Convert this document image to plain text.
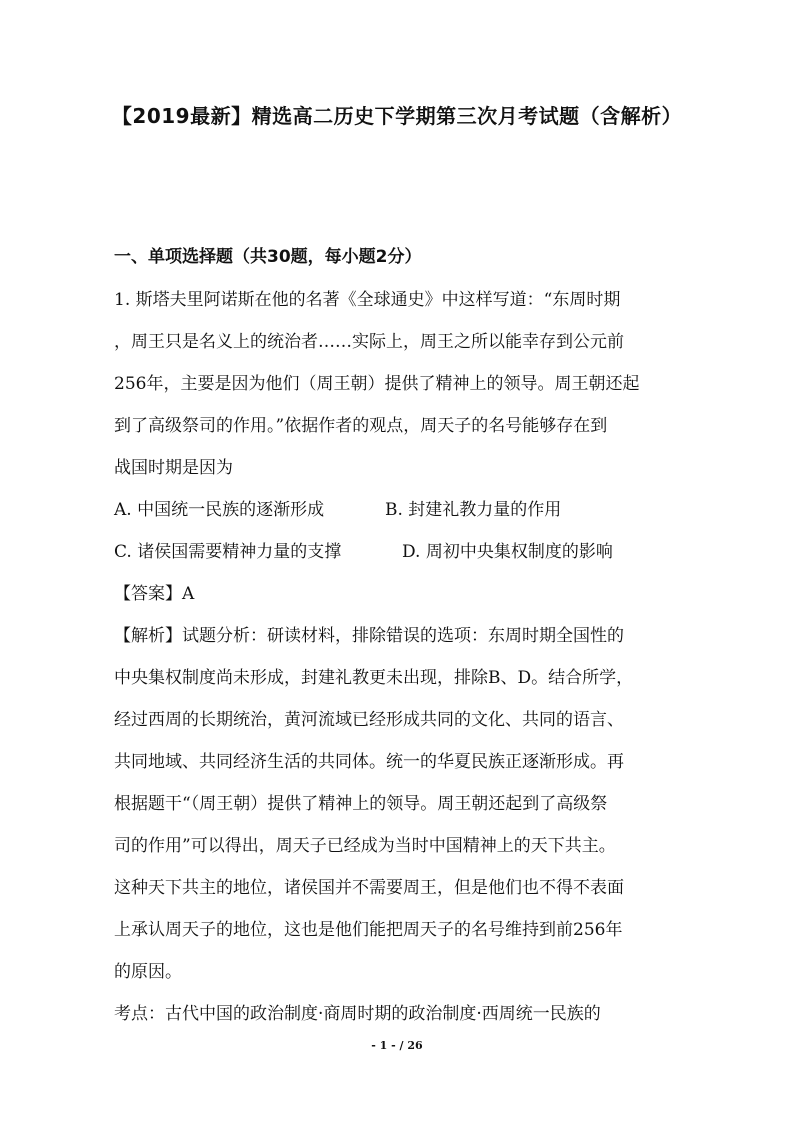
【2019最新】精选高二历史下学期第三次月考试题（含解析）
一、单项选择题（共30题，每小题2分）
1. 斯塔夫里阿诺斯在他的名著《全球通史》中这样写道：“东周时期
，周王只是名义上的统治者……实际上，周王之所以能幸存到公元前
256年，主要是因为他们（周王朝）提供了精神上的领导。周王朝还起
到了高级祭司的作用。”依据作者的观点，周天子的名号能够存在到
战国时期是因为
A. 中国统一民族的逐渐形成	B. 封建礼教力量的作用
C. 诸侯国需要精神力量的支撑	D. 周初中央集权制度的影响
【答案】A
【解析】试题分析：研读材料，排除错误的选项：东周时期全国性的
中央集权制度尚未形成，封建礼教更未出现，排除B、D。结合所学，
经过西周的长期统治，黄河流域已经形成共同的文化、共同的语言、
共同地域、共同经济生活的共同体。统一的华夏民族正逐渐形成。再
根据题干“（周王朝）提供了精神上的领导。周王朝还起到了高级祭
司的作用”可以得出，周天子已经成为当时中国精神上的天下共主。
这种天下共主的地位，诸侯国并不需要周王，但是他们也不得不表面
上承认周天子的地位，这也是他们能把周天子的名号维持到前256年
的原因。
考点：古代中国的政治制度·商周时期的政治制度·西周统一民族的
- 1 - / 26
